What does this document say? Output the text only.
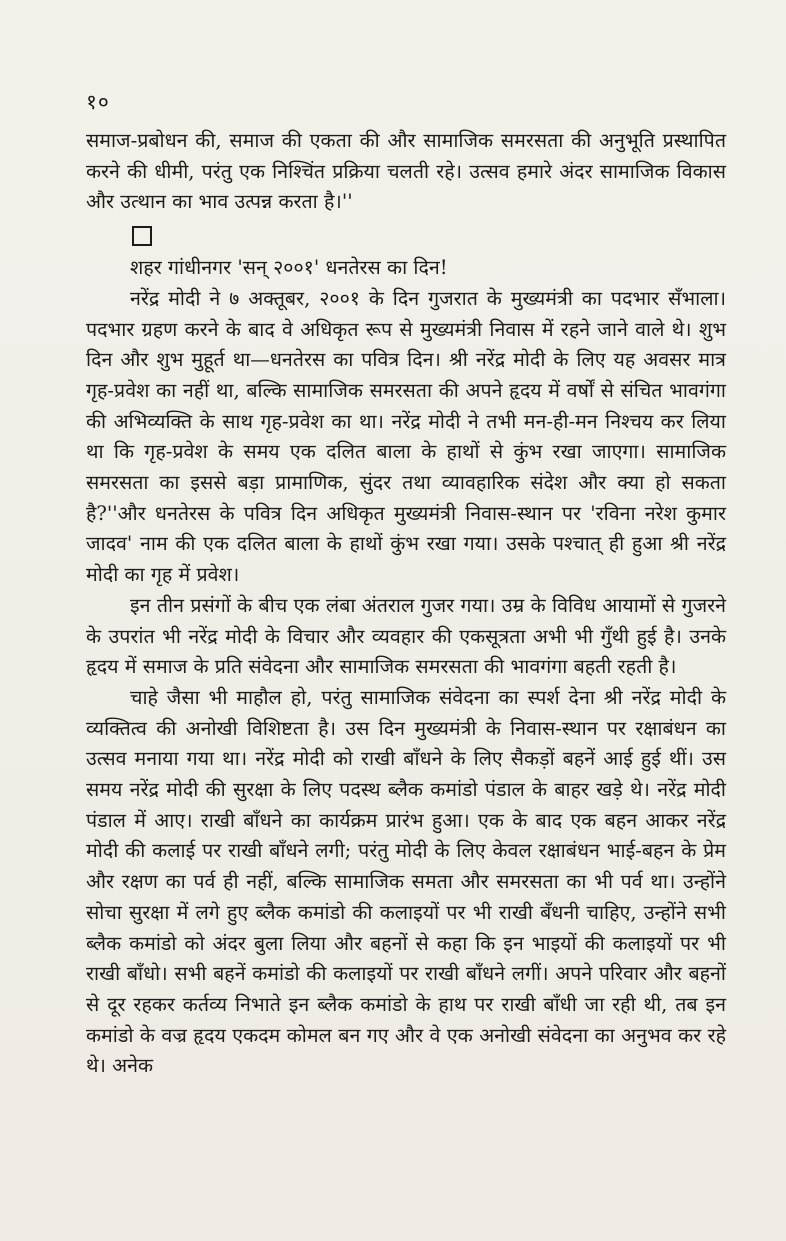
१०

समाज-प्रबोधन की, समाज की एकता की और सामाजिक समरसता की अनुभूति प्रस्थापित करने की धीमी, परंतु एक निश्चिंत प्रक्रिया चलती रहे। उत्सव हमारे अंदर सामाजिक विकास और उत्थान का भाव उत्पन्न करता है।''

शहर गांधीनगर 'सन् २००१' धनतेरस का दिन!

नरेंद्र मोदी ने ७ अक्तूबर, २००१ के दिन गुजरात के मुख्यमंत्री का पदभार सँभाला। पदभार ग्रहण करने के बाद वे अधिकृत रूप से मुख्यमंत्री निवास में रहने जाने वाले थे। शुभ दिन और शुभ मुहूर्त था—धनतेरस का पवित्र दिन। श्री नरेंद्र मोदी के लिए यह अवसर मात्र गृह-प्रवेश का नहीं था, बल्कि सामाजिक समरसता की अपने हृदय में वर्षों से संचित भावगंगा की अभिव्यक्ति के साथ गृह-प्रवेश का था। नरेंद्र मोदी ने तभी मन-ही-मन निश्चय कर लिया था कि गृह-प्रवेश के समय एक दलित बाला के हाथों से कुंभ रखा जाएगा। सामाजिक समरसता का इससे बड़ा प्रामाणिक, सुंदर तथा व्यावहारिक संदेश और क्या हो सकता है?''और धनतेरस के पवित्र दिन अधिकृत मुख्यमंत्री निवास-स्थान पर 'रविना नरेश कुमार जादव' नाम की एक दलित बाला के हाथों कुंभ रखा गया। उसके पश्चात् ही हुआ श्री नरेंद्र मोदी का गृह में प्रवेश।

इन तीन प्रसंगों के बीच एक लंबा अंतराल गुजर गया। उम्र के विविध आयामों से गुजरने के उपरांत भी नरेंद्र मोदी के विचार और व्यवहार की एकसूत्रता अभी भी गुँथी हुई है। उनके हृदय में समाज के प्रति संवेदना और सामाजिक समरसता की भावगंगा बहती रहती है।

चाहे जैसा भी माहौल हो, परंतु सामाजिक संवेदना का स्पर्श देना श्री नरेंद्र मोदी के व्यक्तित्व की अनोखी विशिष्टता है। उस दिन मुख्यमंत्री के निवास-स्थान पर रक्षाबंधन का उत्सव मनाया गया था। नरेंद्र मोदी को राखी बाँधने के लिए सैकड़ों बहनें आई हुई थीं। उस समय नरेंद्र मोदी की सुरक्षा के लिए पदस्थ ब्लैक कमांडो पंडाल के बाहर खड़े थे। नरेंद्र मोदी पंडाल में आए। राखी बाँधने का कार्यक्रम प्रारंभ हुआ। एक के बाद एक बहन आकर नरेंद्र मोदी की कलाई पर राखी बाँधने लगी; परंतु मोदी के लिए केवल रक्षाबंधन भाई-बहन के प्रेम और रक्षण का पर्व ही नहीं, बल्कि सामाजिक समता और समरसता का भी पर्व था। उन्होंने सोचा सुरक्षा में लगे हुए ब्लैक कमांडो की कलाइयों पर भी राखी बँधनी चाहिए, उन्होंने सभी ब्लैक कमांडो को अंदर बुला लिया और बहनों से कहा कि इन भाइयों की कलाइयों पर भी राखी बाँधो। सभी बहनें कमांडो की कलाइयों पर राखी बाँधने लगीं। अपने परिवार और बहनों से दूर रहकर कर्तव्य निभाते इन ब्लैक कमांडो के हाथ पर राखी बाँधी जा रही थी, तब इन कमांडो के वज्र हृदय एकदम कोमल बन गए और वे एक अनोखी संवेदना का अनुभव कर रहे थे। अनेक
